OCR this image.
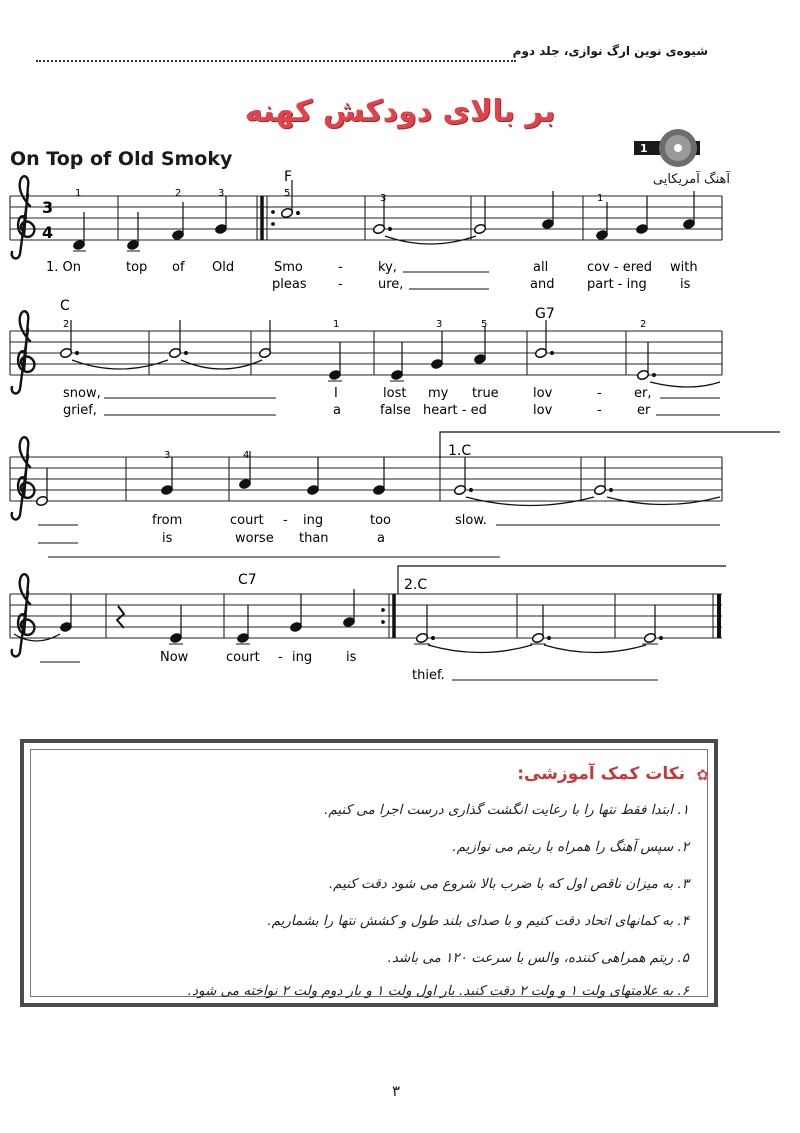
شیوه‌ی نوین ارگ نوازی، جلد دوم
بر بالای دودکش کهنه
On Top of Old Smoky	1
آهنگ آمریکایی
3
4
1	2	3	5	3	1
F
1. On	top of Old	Smo	-	ky,	all	cov - ered with
pleas -	ure,	and	part - ing	is
2	1	3	5	2
C	G7
snow,	I	lost my true	lov	- er,
grief,	a	false heart - ed	lov	-	er
3	4	1.C
from	court - ing	too	slow.
is	worse than	a
C7	2.C
Now	court - ing	is
thief.
✿
نکات کمک آموزشی:
۱. ابتدا فقط نتها را با رعایت انگشت گذاری درست اجرا می کنیم.
۲. سپس آهنگ را همراه با ریتم می نوازیم.
۳. به میزان ناقص اول که با ضرب بالا شروع می شود دقت کنیم.
۴. به کمانهای اتحاد دقت کنیم و با صدای بلند طول و کشش نتها را بشماریم.
۵. ریتم همراهی کننده، والس با سرعت ۱۲۰ می باشد.
۶. به علامتهای ولت ۱ و ولت ۲ دقت کنید. بار اول ولت ۱ و بار دوم ولت ۲ نواخته می شود.
۳
